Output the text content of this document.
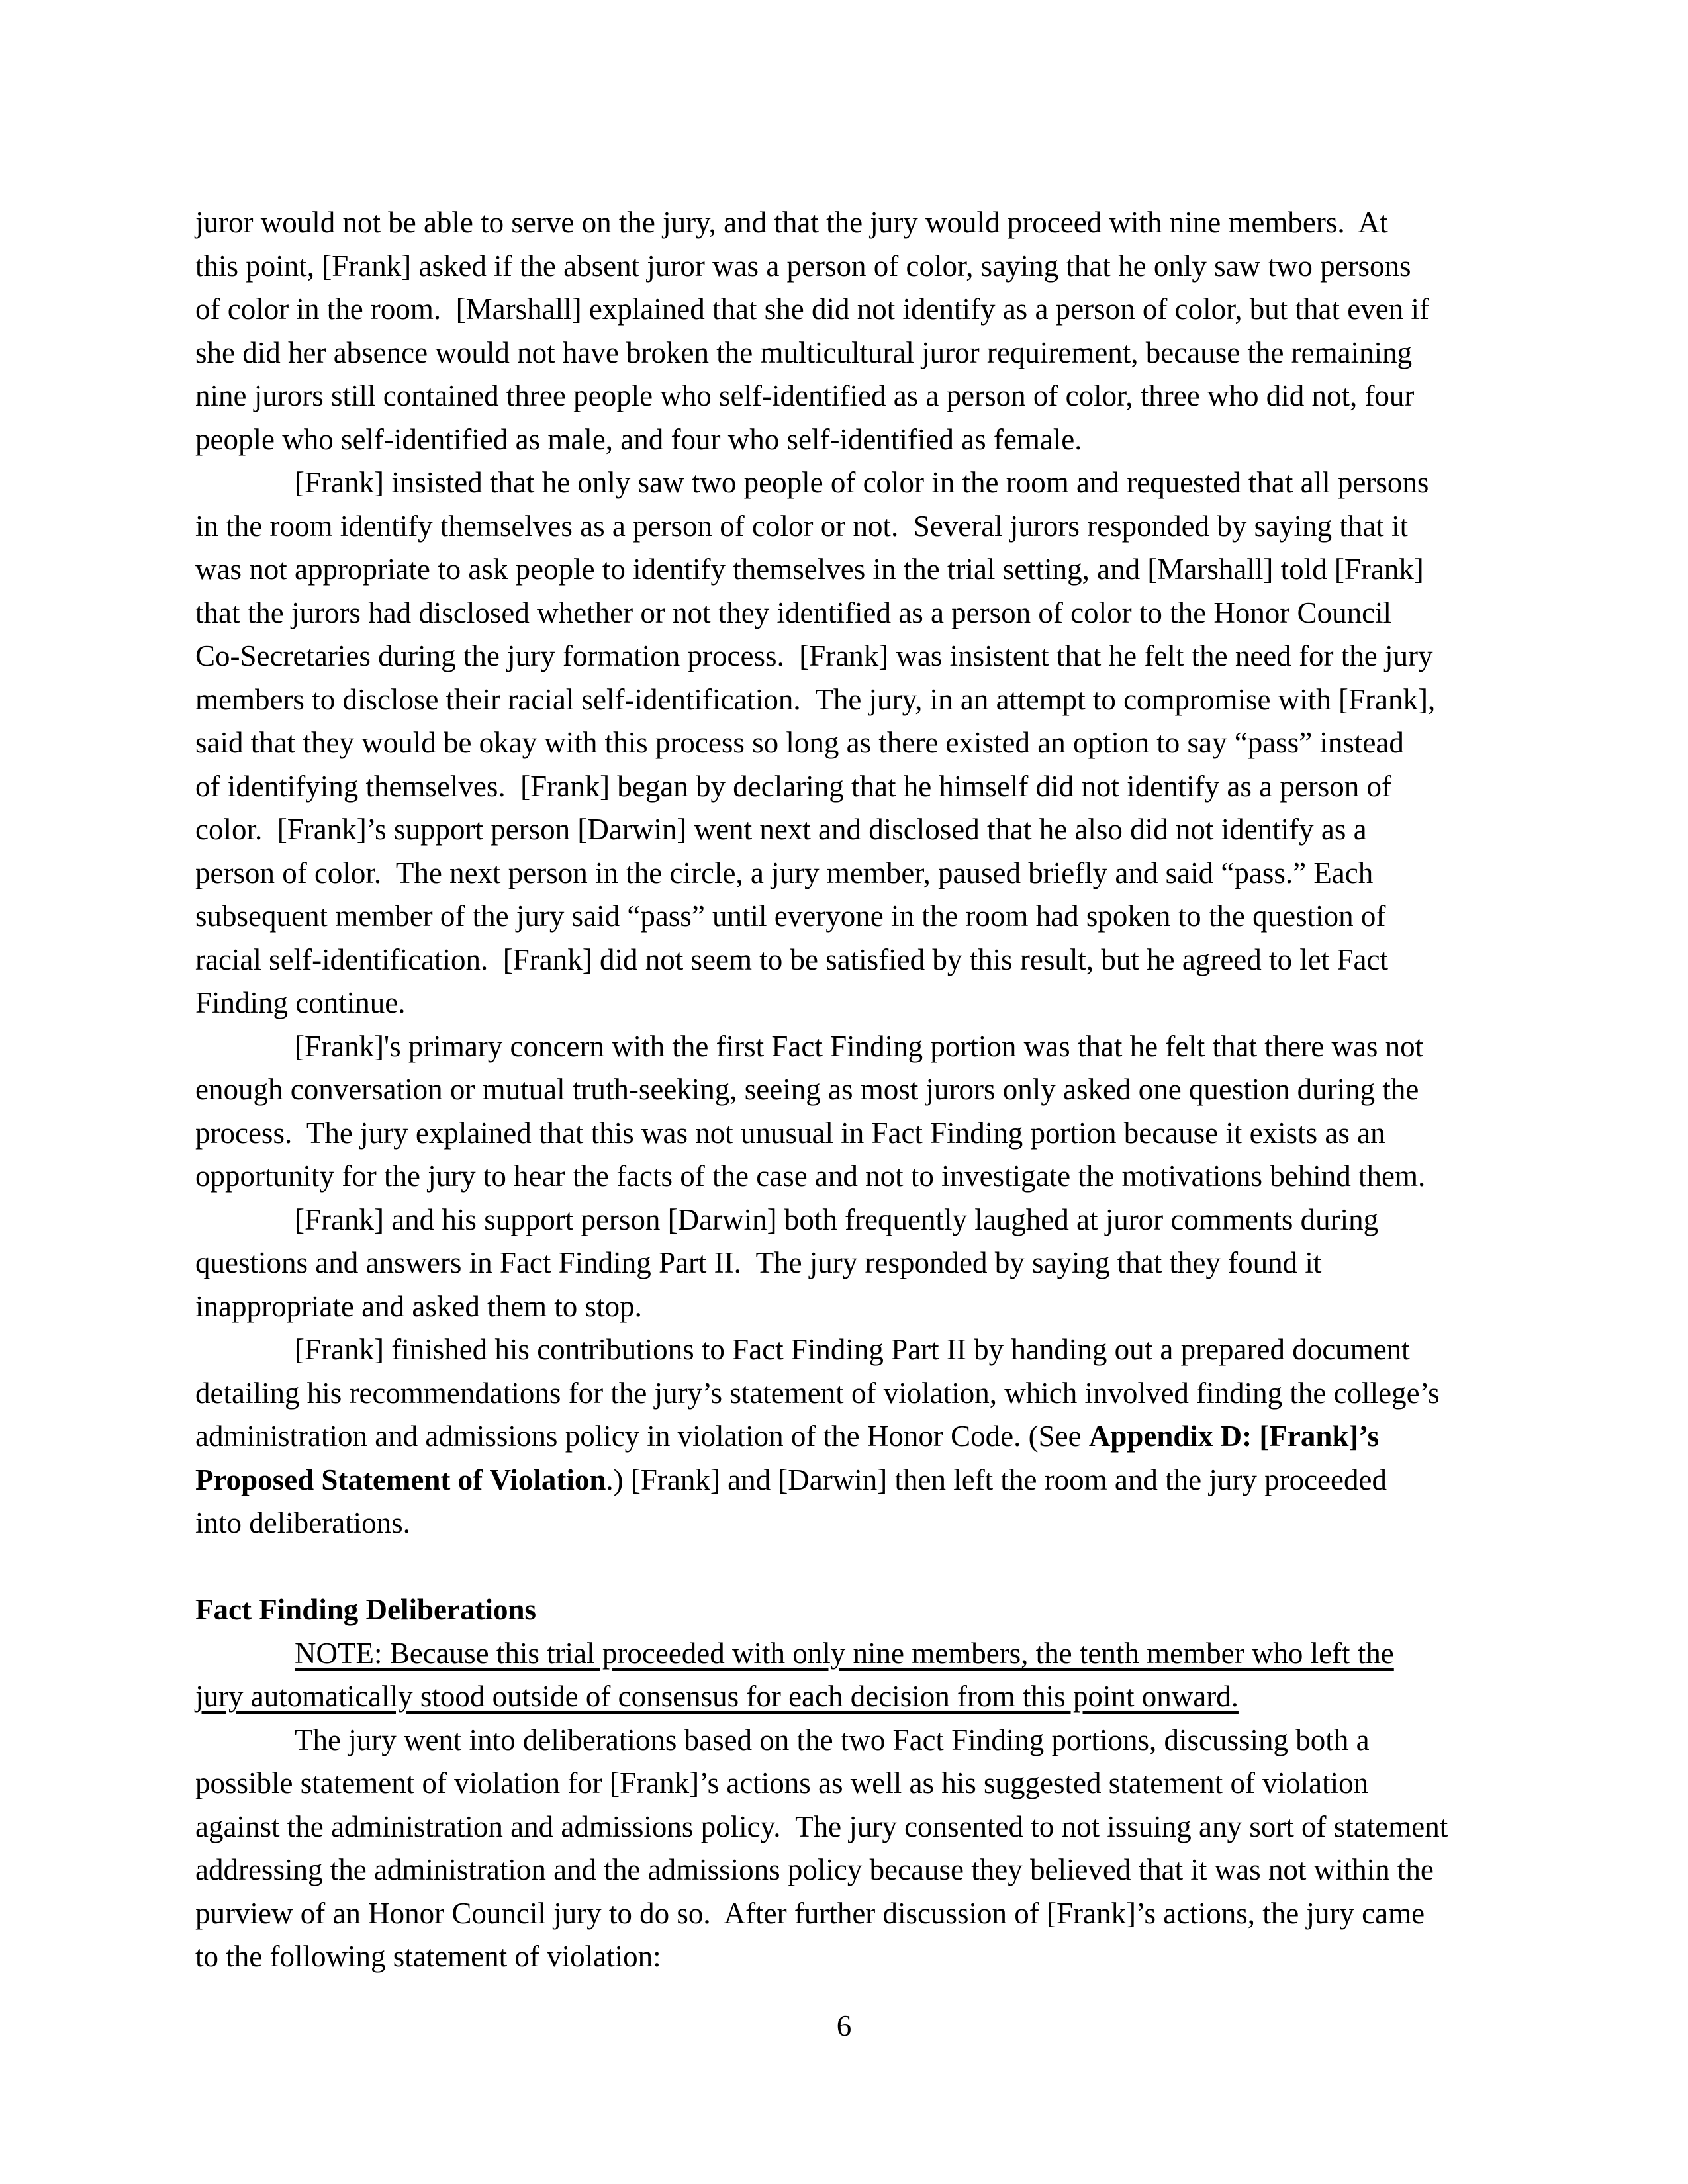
juror would not be able to serve on the jury, and that the jury would proceed with nine members.  At
this point, [Frank] asked if the absent juror was a person of color, saying that he only saw two persons
of color in the room.  [Marshall] explained that she did not identify as a person of color, but that even if
she did her absence would not have broken the multicultural juror requirement, because the remaining
nine jurors still contained three people who self-identified as a person of color, three who did not, four
people who self-identified as male, and four who self-identified as female.
[Frank] insisted that he only saw two people of color in the room and requested that all persons
in the room identify themselves as a person of color or not.  Several jurors responded by saying that it
was not appropriate to ask people to identify themselves in the trial setting, and [Marshall] told [Frank]
that the jurors had disclosed whether or not they identified as a person of color to the Honor Council
Co-Secretaries during the jury formation process.  [Frank] was insistent that he felt the need for the jury
members to disclose their racial self-identification.  The jury, in an attempt to compromise with [Frank],
said that they would be okay with this process so long as there existed an option to say “pass” instead
of identifying themselves.  [Frank] began by declaring that he himself did not identify as a person of
color.  [Frank]’s support person [Darwin] went next and disclosed that he also did not identify as a
person of color.  The next person in the circle, a jury member, paused briefly and said “pass.” Each
subsequent member of the jury said “pass” until everyone in the room had spoken to the question of
racial self-identification.  [Frank] did not seem to be satisfied by this result, but he agreed to let Fact
Finding continue.
[Frank]'s primary concern with the first Fact Finding portion was that he felt that there was not
enough conversation or mutual truth-seeking, seeing as most jurors only asked one question during the
process.  The jury explained that this was not unusual in Fact Finding portion because it exists as an
opportunity for the jury to hear the facts of the case and not to investigate the motivations behind them.
[Frank] and his support person [Darwin] both frequently laughed at juror comments during
questions and answers in Fact Finding Part II.  The jury responded by saying that they found it
inappropriate and asked them to stop.
[Frank] finished his contributions to Fact Finding Part II by handing out a prepared document
detailing his recommendations for the jury’s statement of violation, which involved finding the college’s
administration and admissions policy in violation of the Honor Code. (See Appendix D: [Frank]’s
Proposed Statement of Violation.) [Frank] and [Darwin] then left the room and the jury proceeded
into deliberations.

Fact Finding Deliberations
NOTE: Because this trial proceeded with only nine members, the tenth member who left the
jury automatically stood outside of consensus for each decision from this point onward.
The jury went into deliberations based on the two Fact Finding portions, discussing both a
possible statement of violation for [Frank]’s actions as well as his suggested statement of violation
against the administration and admissions policy.  The jury consented to not issuing any sort of statement
addressing the administration and the admissions policy because they believed that it was not within the
purview of an Honor Council jury to do so.  After further discussion of [Frank]’s actions, the jury came
to the following statement of violation:
6
